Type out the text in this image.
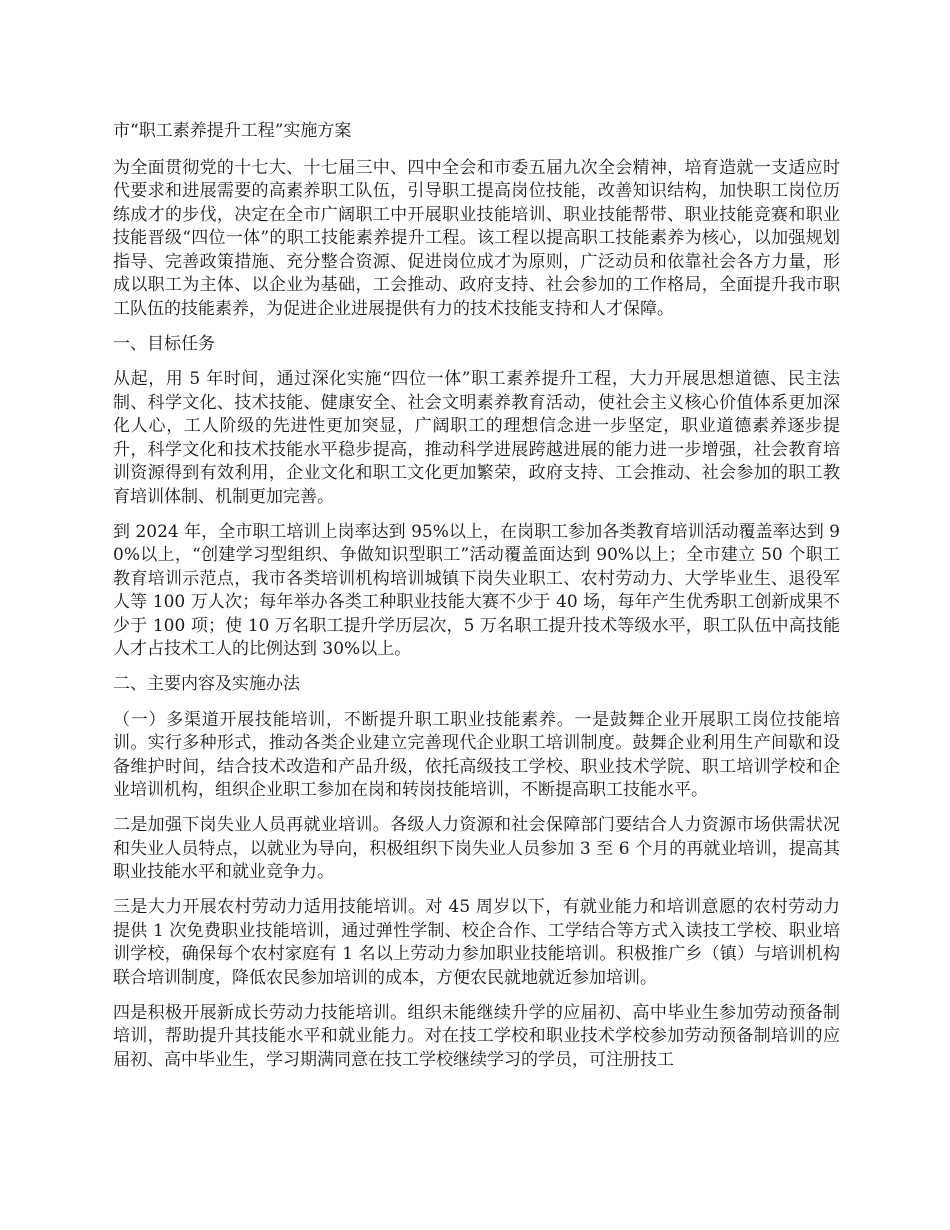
市“职工素养提升工程”实施方案

为全面贯彻党的十七大、十七届三中、四中全会和市委五届九次全会精神，培育造就一支适应时代要求和进展需要的高素养职工队伍，引导职工提高岗位技能，改善知识结构，加快职工岗位历练成才的步伐，决定在全市广阔职工中开展职业技能培训、职业技能帮带、职业技能竞赛和职业技能晋级“四位一体”的职工技能素养提升工程。该工程以提高职工技能素养为核心，以加强规划指导、完善政策措施、充分整合资源、促进岗位成才为原则，广泛动员和依靠社会各方力量，形成以职工为主体、以企业为基础，工会推动、政府支持、社会参加的工作格局，全面提升我市职工队伍的技能素养，为促进企业进展提供有力的技术技能支持和人才保障。

一、目标任务

从起，用 5 年时间，通过深化实施“四位一体”职工素养提升工程，大力开展思想道德、民主法制、科学文化、技术技能、健康安全、社会文明素养教育活动，使社会主义核心价值体系更加深化人心，工人阶级的先进性更加突显，广阔职工的理想信念进一步坚定，职业道德素养逐步提升，科学文化和技术技能水平稳步提高，推动科学进展跨越进展的能力进一步增强，社会教育培训资源得到有效利用，企业文化和职工文化更加繁荣，政府支持、工会推动、社会参加的职工教育培训体制、机制更加完善。

到 2024 年，全市职工培训上岗率达到 95%以上，在岗职工参加各类教育培训活动覆盖率达到 90%以上，“创建学习型组织、争做知识型职工”活动覆盖面达到 90%以上；全市建立 50 个职工教育培训示范点，我市各类培训机构培训城镇下岗失业职工、农村劳动力、大学毕业生、退役军人等 100 万人次；每年举办各类工种职业技能大赛不少于 40 场，每年产生优秀职工创新成果不少于 100 项；使 10 万名职工提升学历层次，5 万名职工提升技术等级水平，职工队伍中高技能人才占技术工人的比例达到 30%以上。

二、主要内容及实施办法

（一）多渠道开展技能培训，不断提升职工职业技能素养。一是鼓舞企业开展职工岗位技能培训。实行多种形式，推动各类企业建立完善现代企业职工培训制度。鼓舞企业利用生产间歇和设备维护时间，结合技术改造和产品升级，依托高级技工学校、职业技术学院、职工培训学校和企业培训机构，组织企业职工参加在岗和转岗技能培训，不断提高职工技能水平。

二是加强下岗失业人员再就业培训。各级人力资源和社会保障部门要结合人力资源市场供需状况和失业人员特点，以就业为导向，积极组织下岗失业人员参加 3 至 6 个月的再就业培训，提高其职业技能水平和就业竞争力。

三是大力开展农村劳动力适用技能培训。对 45 周岁以下，有就业能力和培训意愿的农村劳动力提供 1 次免费职业技能培训，通过弹性学制、校企合作、工学结合等方式入读技工学校、职业培训学校，确保每个农村家庭有 1 名以上劳动力参加职业技能培训。积极推广乡（镇）与培训机构联合培训制度，降低农民参加培训的成本，方便农民就地就近参加培训。

四是积极开展新成长劳动力技能培训。组织未能继续升学的应届初、高中毕业生参加劳动预备制培训，帮助提升其技能水平和就业能力。对在技工学校和职业技术学校参加劳动预备制培训的应届初、高中毕业生，学习期满同意在技工学校继续学习的学员，可注册技工
